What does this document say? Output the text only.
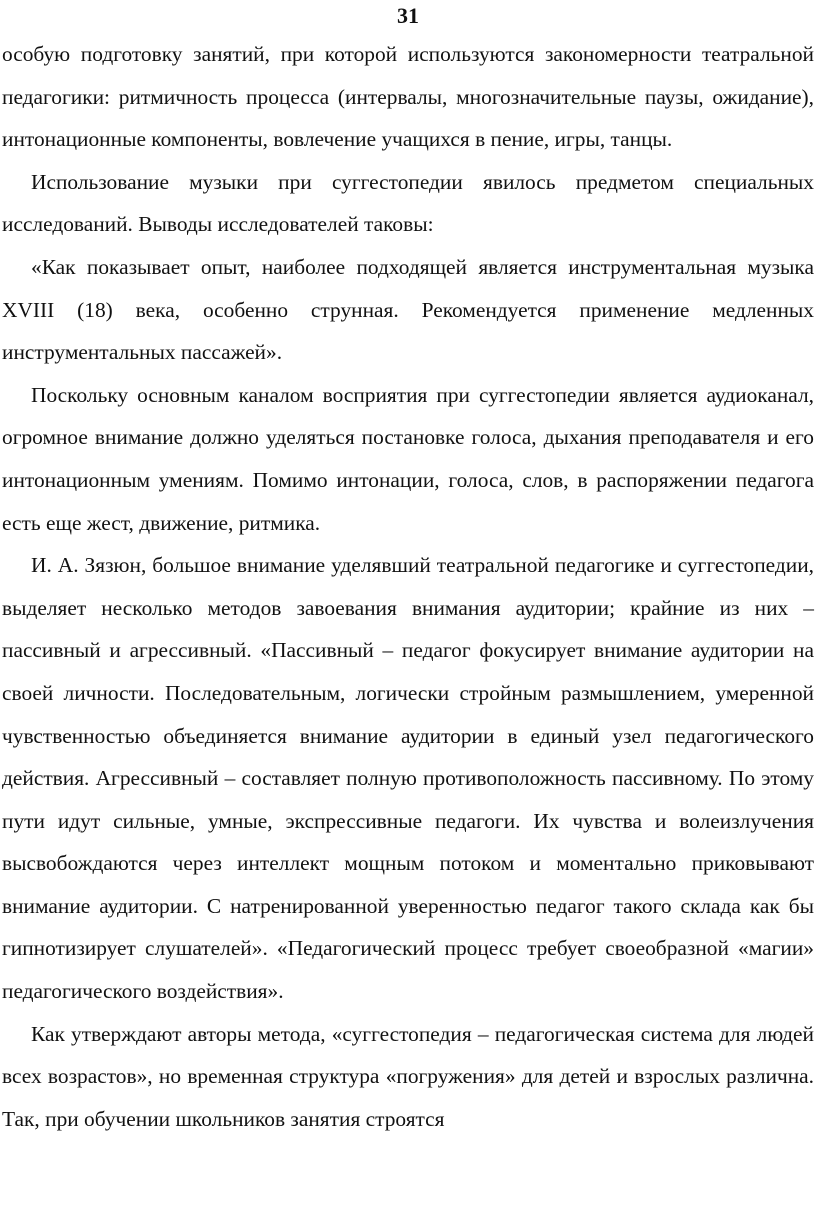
31

особую подготовку занятий, при которой используются закономерности театральной педагогики: ритмичность процесса (интервалы, многозначительные паузы, ожидание), интонационные компоненты, вовлечение учащихся в пение, игры, танцы.

Использование музыки при суггестопедии явилось предметом специальных исследований. Выводы исследователей таковы:

«Как показывает опыт, наиболее подходящей является инструментальная музыка XVIII (18) века, особенно струнная. Рекомендуется применение медленных инструментальных пассажей».

Поскольку основным каналом восприятия при суггестопедии является аудиоканал, огромное внимание должно уделяться постановке голоса, дыхания преподавателя и его интонационным умениям. Помимо интонации, голоса, слов, в распоряжении педагога есть еще жест, движение, ритмика.

И. А. Зязюн, большое внимание уделявший театральной педагогике и суггестопедии, выделяет несколько методов завоевания внимания аудитории; крайние из них – пассивный и агрессивный. «Пассивный – педагог фокусирует внимание аудитории на своей личности. Последовательным, логически стройным размышлением, умеренной чувственностью объединяется внимание аудитории в единый узел педагогического действия. Агрессивный – составляет полную противоположность пассивному. По этому пути идут сильные, умные, экспрессивные педагоги. Их чувства и волеизлучения высвобождаются через интеллект мощным потоком и моментально приковывают внимание аудитории. С натренированной уверенностью педагог такого склада как бы гипнотизирует слушателей». «Педагогический процесс требует своеобразной «магии» педагогического воздействия».

Как утверждают авторы метода, «суггестопедия – педагогическая система для людей всех возрастов», но временная структура «погружения» для детей и взрослых различна. Так, при обучении школьников занятия строятся
